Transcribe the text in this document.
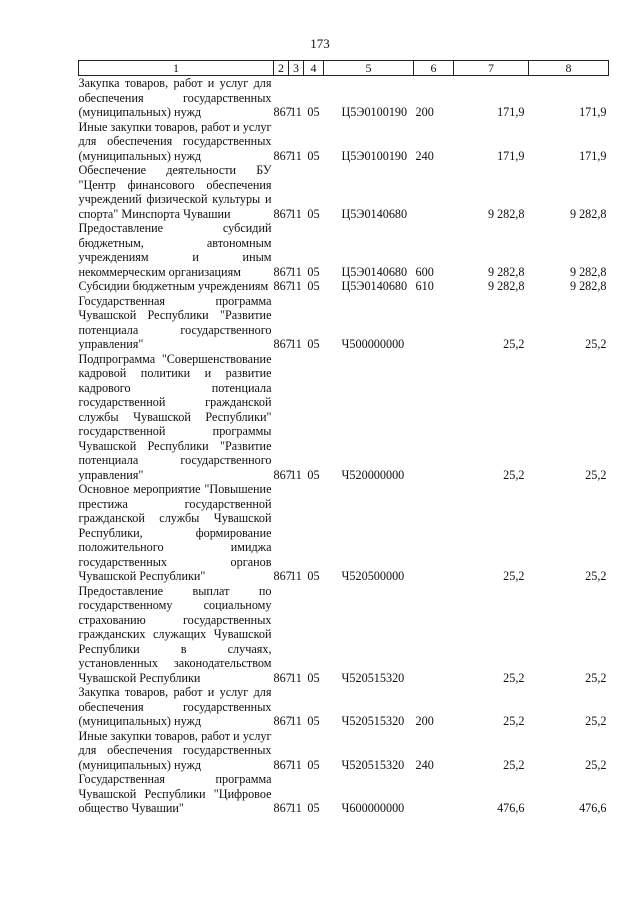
173
1	2	3	4	5	6	7	8
Закупка товаров, работ и услуг для обеспечения государственных (муниципальных) нужд	867	11	05	Ц5Э0100190	200	171,9	171,9
Иные закупки товаров, работ и услуг для обеспечения государственных (муниципальных) нужд	867	11	05	Ц5Э0100190	240	171,9	171,9
Обеспечение деятельности БУ "Центр финансового обеспечения учреждений физической культуры и спорта" Минспорта Чувашии	867	11	05	Ц5Э0140680		9 282,8	9 282,8
Предоставление субсидий бюджетным, автономным учреждениям и иным некоммерческим организациям	867	11	05	Ц5Э0140680	600	9 282,8	9 282,8
Субсидии бюджетным учреждениям	867	11	05	Ц5Э0140680	610	9 282,8	9 282,8
Государственная программа Чувашской Республики "Развитие потенциала государственного управления"	867	11	05	Ч500000000		25,2	25,2
Подпрограмма "Совершенствование кадровой политики и развитие кадрового потенциала государственной гражданской службы Чувашской Республики" государственной программы Чувашской Республики "Развитие потенциала государственного управления"	867	11	05	Ч520000000		25,2	25,2
Основное мероприятие "Повышение престижа государственной гражданской службы Чувашской Республики, формирование положительного имиджа государственных органов Чувашской Республики"	867	11	05	Ч520500000		25,2	25,2
Предоставление выплат по государственному социальному страхованию государственных гражданских служащих Чувашской Республики в случаях, установленных законодательством Чувашской Республики	867	11	05	Ч520515320		25,2	25,2
Закупка товаров, работ и услуг для обеспечения государственных (муниципальных) нужд	867	11	05	Ч520515320	200	25,2	25,2
Иные закупки товаров, работ и услуг для обеспечения государственных (муниципальных) нужд	867	11	05	Ч520515320	240	25,2	25,2
Государственная программа Чувашской Республики "Цифровое общество Чувашии"	867	11	05	Ч600000000		476,6	476,6
